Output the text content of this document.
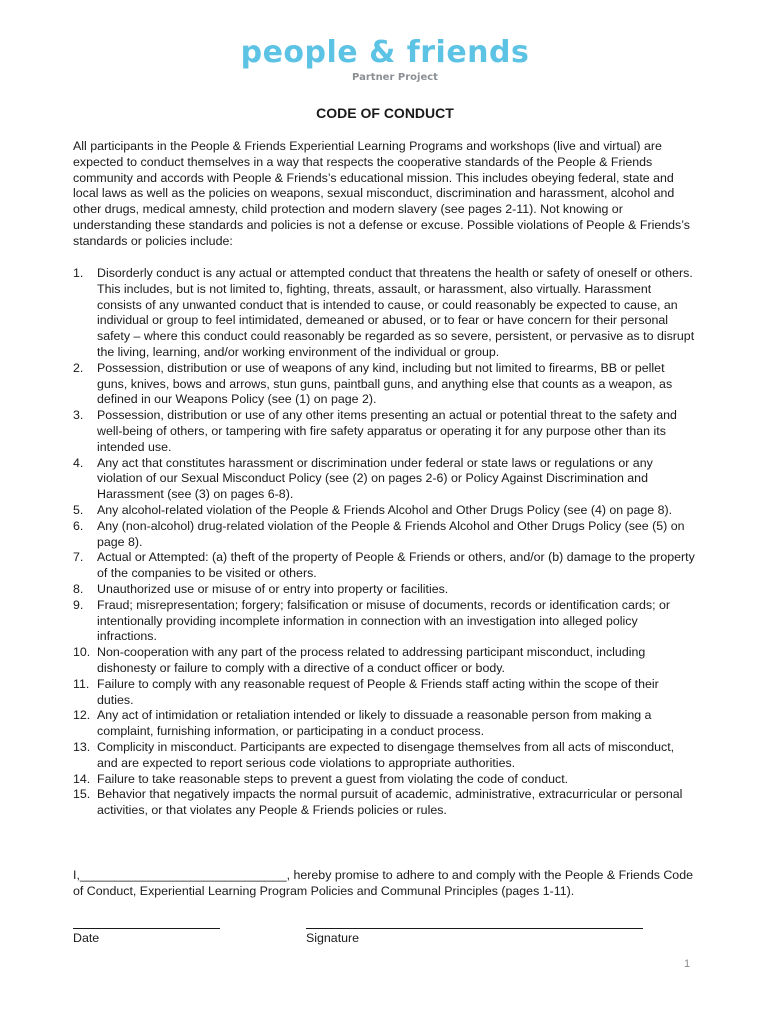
people & friends
Partner Project
CODE OF CONDUCT

All participants in the People & Friends Experiential Learning Programs and workshops (live and virtual) are expected to conduct themselves in a way that respects the cooperative standards of the People & Friends community and accords with People & Friends’s educational mission. This includes obeying federal, state and local laws as well as the policies on weapons, sexual misconduct, discrimination and harassment, alcohol and other drugs, medical amnesty, child protection and modern slavery (see pages 2-11). Not knowing or understanding these standards and policies is not a defense or excuse. Possible violations of People & Friends’s standards or policies include:

1. Disorderly conduct is any actual or attempted conduct that threatens the health or safety of oneself or others. This includes, but is not limited to, fighting, threats, assault, or harassment, also virtually. Harassment consists of any unwanted conduct that is intended to cause, or could reasonably be expected to cause, an individual or group to feel intimidated, demeaned or abused, or to fear or have concern for their personal safety – where this conduct could reasonably be regarded as so severe, persistent, or pervasive as to disrupt the living, learning, and/or working environment of the individual or group.
2. Possession, distribution or use of weapons of any kind, including but not limited to firearms, BB or pellet guns, knives, bows and arrows, stun guns, paintball guns, and anything else that counts as a weapon, as defined in our Weapons Policy (see (1) on page 2).
3. Possession, distribution or use of any other items presenting an actual or potential threat to the safety and well-being of others, or tampering with fire safety apparatus or operating it for any purpose other than its intended use.
4. Any act that constitutes harassment or discrimination under federal or state laws or regulations or any violation of our Sexual Misconduct Policy (see (2) on pages 2-6) or Policy Against Discrimination and Harassment (see (3) on pages 6-8).
5. Any alcohol-related violation of the People & Friends Alcohol and Other Drugs Policy (see (4) on page 8).
6. Any (non-alcohol) drug-related violation of the People & Friends Alcohol and Other Drugs Policy (see (5) on page 8).
7. Actual or Attempted: (a) theft of the property of People & Friends or others, and/or (b) damage to the property of the companies to be visited or others.
8. Unauthorized use or misuse of or entry into property or facilities.
9. Fraud; misrepresentation; forgery; falsification or misuse of documents, records or identification cards; or intentionally providing incomplete information in connection with an investigation into alleged policy infractions.
10. Non-cooperation with any part of the process related to addressing participant misconduct, including dishonesty or failure to comply with a directive of a conduct officer or body.
11. Failure to comply with any reasonable request of People & Friends staff acting within the scope of their duties.
12. Any act of intimidation or retaliation intended or likely to dissuade a reasonable person from making a complaint, furnishing information, or participating in a conduct process.
13. Complicity in misconduct. Participants are expected to disengage themselves from all acts of misconduct, and are expected to report serious code violations to appropriate authorities.
14. Failure to take reasonable steps to prevent a guest from violating the code of conduct.
15. Behavior that negatively impacts the normal pursuit of academic, administrative, extracurricular or personal activities, or that violates any People & Friends policies or rules.

I,______________________________, hereby promise to adhere to and comply with the People & Friends Code of Conduct, Experiential Learning Program Policies and Communal Principles (pages 1-11).

Date	Signature
1
